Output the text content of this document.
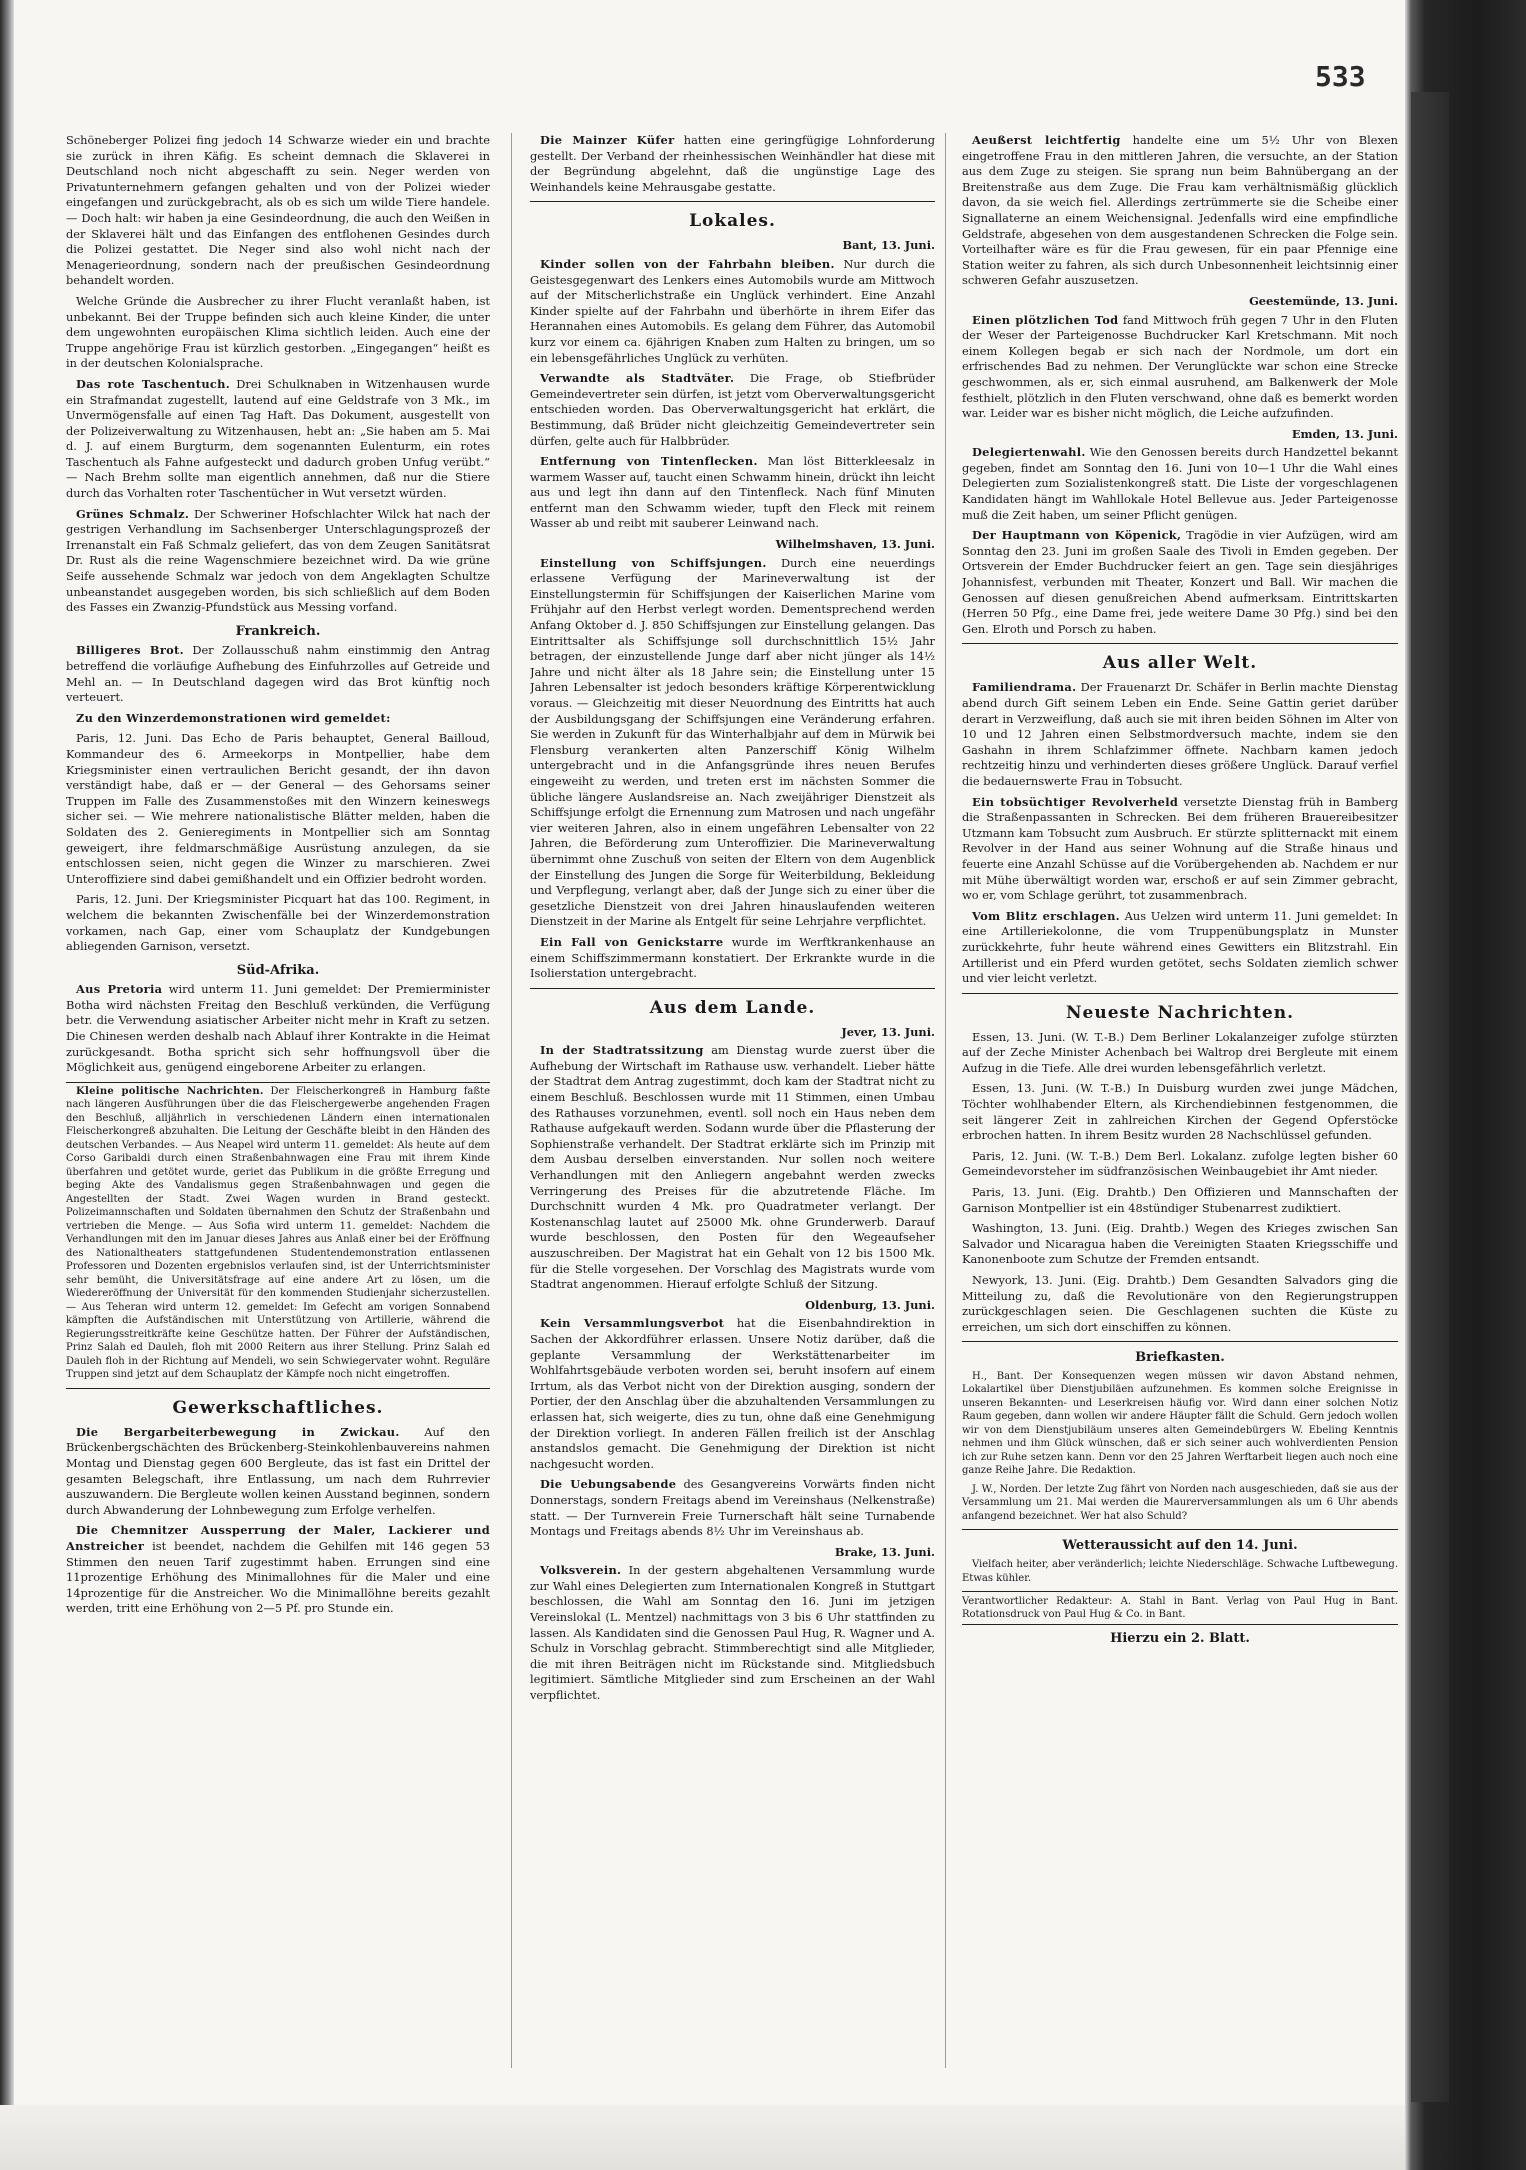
533

Schöneberger Polizei fing jedoch 14 Schwarze wieder ein und brachte sie zurück in ihren Käfig. Es scheint demnach die Sklaverei in Deutschland noch nicht abgeschafft zu sein. Neger werden von Privatunternehmern gefangen gehalten und von der Polizei wieder eingefangen und zurückgebracht, als ob es sich um wilde Tiere handele. — Doch halt: wir haben ja eine Gesindeordnung, die auch den Weißen in der Sklaverei hält und das Einfangen des entflohenen Gesindes durch die Polizei gestattet. Die Neger sind also wohl nicht nach der Menagerieordnung, sondern nach der preußischen Gesindeordnung behandelt worden.

Welche Gründe die Ausbrecher zu ihrer Flucht veranlaßt haben, ist unbekannt. Bei der Truppe befinden sich auch kleine Kinder, die unter dem ungewohnten europäischen Klima sichtlich leiden. Auch eine der Truppe angehörige Frau ist kürzlich gestorben. „Eingegangen“ heißt es in der deutschen Kolonialsprache.

Das rote Taschentuch. Drei Schulknaben in Witzenhausen wurde ein Strafmandat zugestellt, lautend auf eine Geldstrafe von 3 Mk., im Unvermögensfalle auf einen Tag Haft. Das Dokument, ausgestellt von der Polizeiverwaltung zu Witzenhausen, hebt an: „Sie haben am 5. Mai d. J. auf einem Burgturm, dem sogenannten Eulenturm, ein rotes Taschentuch als Fahne aufgesteckt und dadurch groben Unfug verübt.“ — Nach Brehm sollte man eigentlich annehmen, daß nur die Stiere durch das Vorhalten roter Taschentücher in Wut versetzt würden.

Grünes Schmalz. Der Schweriner Hofschlachter Wilck hat nach der gestrigen Verhandlung im Sachsenberger Unterschlagungsprozeß der Irrenanstalt ein Faß Schmalz geliefert, das von dem Zeugen Sanitätsrat Dr. Rust als die reine Wagenschmiere bezeichnet wird. Da wie grüne Seife aussehende Schmalz war jedoch von dem Angeklagten Schultze unbeanstandet ausgegeben worden, bis sich schließlich auf dem Boden des Fasses ein Zwanzig-Pfundstück aus Messing vorfand.

Frankreich.

Billigeres Brot. Der Zollausschuß nahm einstimmig den Antrag betreffend die vorläufige Aufhebung des Einfuhrzolles auf Getreide und Mehl an. — In Deutschland dagegen wird das Brot künftig noch verteuert.

Zu den Winzerdemonstrationen wird gemeldet:

Paris, 12. Juni. Das Echo de Paris behauptet, General Bailloud, Kommandeur des 6. Armeekorps in Montpellier, habe dem Kriegsminister einen vertraulichen Bericht gesandt, der ihn davon verständigt habe, daß er — der General — des Gehorsams seiner Truppen im Falle des Zusammenstoßes mit den Winzern keineswegs sicher sei. — Wie mehrere nationalistische Blätter melden, haben die Soldaten des 2. Genieregiments in Montpellier sich am Sonntag geweigert, ihre feldmarschmäßige Ausrüstung anzulegen, da sie entschlossen seien, nicht gegen die Winzer zu marschieren. Zwei Unteroffiziere sind dabei gemißhandelt und ein Offizier bedroht worden.

Paris, 12. Juni. Der Kriegsminister Picquart hat das 100. Regiment, in welchem die bekannten Zwischenfälle bei der Winzerdemonstration vorkamen, nach Gap, einer vom Schauplatz der Kundgebungen abliegenden Garnison, versetzt.

Süd-Afrika.

Aus Pretoria wird unterm 11. Juni gemeldet: Der Premierminister Botha wird nächsten Freitag den Beschluß verkünden, die Verfügung betr. die Verwendung asiatischer Arbeiter nicht mehr in Kraft zu setzen. Die Chinesen werden deshalb nach Ablauf ihrer Kontrakte in die Heimat zurückgesandt. Botha spricht sich sehr hoffnungsvoll über die Möglichkeit aus, genügend eingeborene Arbeiter zu erlangen.

Kleine politische Nachrichten. Der Fleischerkongreß in Hamburg faßte nach längeren Ausführungen über die das Fleischergewerbe angehenden Fragen den Beschluß, alljährlich in verschiedenen Ländern einen internationalen Fleischerkongreß abzuhalten. Die Leitung der Geschäfte bleibt in den Händen des deutschen Verbandes. — Aus Neapel wird unterm 11. gemeldet: Als heute auf dem Corso Garibaldi durch einen Straßenbahnwagen eine Frau mit ihrem Kinde überfahren und getötet wurde, geriet das Publikum in die größte Erregung und beging Akte des Vandalismus gegen Straßenbahnwagen und gegen die Angestellten der Stadt. Zwei Wagen wurden in Brand gesteckt. Polizeimannschaften und Soldaten übernahmen den Schutz der Straßenbahn und vertrieben die Menge. — Aus Sofia wird unterm 11. gemeldet: Nachdem die Verhandlungen mit den im Januar dieses Jahres aus Anlaß einer bei der Eröffnung des Nationaltheaters stattgefundenen Studentendemonstration entlassenen Professoren und Dozenten ergebnislos verlaufen sind, ist der Unterrichtsminister sehr bemüht, die Universitätsfrage auf eine andere Art zu lösen, um die Wiedereröffnung der Universität für den kommenden Studienjahr sicherzustellen. — Aus Teheran wird unterm 12. gemeldet: Im Gefecht am vorigen Sonnabend kämpften die Aufständischen mit Unterstützung von Artillerie, während die Regierungsstreitkräfte keine Geschütze hatten. Der Führer der Aufständischen, Prinz Salah ed Dauleh, floh mit 2000 Reitern aus ihrer Stellung. Prinz Salah ed Dauleh floh in der Richtung auf Mendeli, wo sein Schwiegervater wohnt. Reguläre Truppen sind jetzt auf dem Schauplatz der Kämpfe noch nicht eingetroffen.

Gewerkschaftliches.

Die Bergarbeiterbewegung in Zwickau. Auf den Brückenbergschächten des Brückenberg-Steinkohlenbauvereins nahmen Montag und Dienstag gegen 600 Bergleute, das ist fast ein Drittel der gesamten Belegschaft, ihre Entlassung, um nach dem Ruhrrevier auszuwandern. Die Bergleute wollen keinen Ausstand beginnen, sondern durch Abwanderung der Lohnbewegung zum Erfolge verhelfen.

Die Chemnitzer Aussperrung der Maler, Lackierer und Anstreicher ist beendet, nachdem die Gehilfen mit 146 gegen 53 Stimmen den neuen Tarif zugestimmt haben. Errungen sind eine 11prozentige Erhöhung des Minimallohnes für die Maler und eine 14prozentige für die Anstreicher. Wo die Minimallöhne bereits gezahlt werden, tritt eine Erhöhung von 2—5 Pf. pro Stunde ein.

Die Mainzer Küfer hatten eine geringfügige Lohnforderung gestellt. Der Verband der rheinhessischen Weinhändler hat diese mit der Begründung abgelehnt, daß die ungünstige Lage des Weinhandels keine Mehrausgabe gestatte.

Lokales.
Bant, 13. Juni.

Kinder sollen von der Fahrbahn bleiben. Nur durch die Geistesgegenwart des Lenkers eines Automobils wurde am Mittwoch auf der Mitscherlichstraße ein Unglück verhindert. Eine Anzahl Kinder spielte auf der Fahrbahn und überhörte in ihrem Eifer das Herannahen eines Automobils. Es gelang dem Führer, das Automobil kurz vor einem ca. 6jährigen Knaben zum Halten zu bringen, um so ein lebensgefährliches Unglück zu verhüten.

Verwandte als Stadtväter. Die Frage, ob Stiefbrüder Gemeindevertreter sein dürfen, ist jetzt vom Oberverwaltungsgericht entschieden worden. Das Oberverwaltungsgericht hat erklärt, die Bestimmung, daß Brüder nicht gleichzeitig Gemeindevertreter sein dürfen, gelte auch für Halbbrüder.

Entfernung von Tintenflecken. Man löst Bitterkleesalz in warmem Wasser auf, taucht einen Schwamm hinein, drückt ihn leicht aus und legt ihn dann auf den Tintenfleck. Nach fünf Minuten entfernt man den Schwamm wieder, tupft den Fleck mit reinem Wasser ab und reibt mit sauberer Leinwand nach.

Wilhelmshaven, 13. Juni.

Einstellung von Schiffsjungen. Durch eine neuerdings erlassene Verfügung der Marineverwaltung ist der Einstellungstermin für Schiffsjungen der Kaiserlichen Marine vom Frühjahr auf den Herbst verlegt worden. Dementsprechend werden Anfang Oktober d. J. 850 Schiffsjungen zur Einstellung gelangen. Das Eintrittsalter als Schiffsjunge soll durchschnittlich 15½ Jahr betragen, der einzustellende Junge darf aber nicht jünger als 14½ Jahre und nicht älter als 18 Jahre sein; die Einstellung unter 15 Jahren Lebensalter ist jedoch besonders kräftige Körperentwicklung voraus. — Gleichzeitig mit dieser Neuordnung des Eintritts hat auch der Ausbildungsgang der Schiffsjungen eine Veränderung erfahren. Sie werden in Zukunft für das Winterhalbjahr auf dem in Mürwik bei Flensburg verankerten alten Panzerschiff König Wilhelm untergebracht und in die Anfangsgründe ihres neuen Berufes eingeweiht zu werden, und treten erst im nächsten Sommer die übliche längere Auslandsreise an. Nach zweijähriger Dienstzeit als Schiffsjunge erfolgt die Ernennung zum Matrosen und nach ungefähr vier weiteren Jahren, also in einem ungefähren Lebensalter von 22 Jahren, die Beförderung zum Unteroffizier. Die Marineverwaltung übernimmt ohne Zuschuß von seiten der Eltern von dem Augenblick der Einstellung des Jungen die Sorge für Weiterbildung, Bekleidung und Verpflegung, verlangt aber, daß der Junge sich zu einer über die gesetzliche Dienstzeit von drei Jahren hinauslaufenden weiteren Dienstzeit in der Marine als Entgelt für seine Lehrjahre verpflichtet.

Ein Fall von Genickstarre wurde im Werftkrankenhause an einem Schiffszimmermann konstatiert. Der Erkrankte wurde in die Isolierstation untergebracht.

Aus dem Lande.
Jever, 13. Juni.

In der Stadtratssitzung am Dienstag wurde zuerst über die Aufhebung der Wirtschaft im Rathause usw. verhandelt. Lieber hätte der Stadtrat dem Antrag zugestimmt, doch kam der Stadtrat nicht zu einem Beschluß. Beschlossen wurde mit 11 Stimmen, einen Umbau des Rathauses vorzunehmen, eventl. soll noch ein Haus neben dem Rathause aufgekauft werden. Sodann wurde über die Pflasterung der Sophienstraße verhandelt. Der Stadtrat erklärte sich im Prinzip mit dem Ausbau derselben einverstanden. Nur sollen noch weitere Verhandlungen mit den Anliegern angebahnt werden zwecks Verringerung des Preises für die abzutretende Fläche. Im Durchschnitt wurden 4 Mk. pro Quadratmeter verlangt. Der Kostenanschlag lautet auf 25000 Mk. ohne Grunderwerb. Darauf wurde beschlossen, den Posten für den Wegeaufseher auszuschreiben. Der Magistrat hat ein Gehalt von 12 bis 1500 Mk. für die Stelle vorgesehen. Der Vorschlag des Magistrats wurde vom Stadtrat angenommen. Hierauf erfolgte Schluß der Sitzung.

Oldenburg, 13. Juni.

Kein Versammlungsverbot hat die Eisenbahndirektion in Sachen der Akkordführer erlassen. Unsere Notiz darüber, daß die geplante Versammlung der Werkstättenarbeiter im Wohlfahrtsgebäude verboten worden sei, beruht insofern auf einem Irrtum, als das Verbot nicht von der Direktion ausging, sondern der Portier, der den Anschlag über die abzuhaltenden Versammlungen zu erlassen hat, sich weigerte, dies zu tun, ohne daß eine Genehmigung der Direktion vorliegt. In anderen Fällen freilich ist der Anschlag anstandslos gemacht. Die Genehmigung der Direktion ist nicht nachgesucht worden.

Die Uebungsabende des Gesangvereins Vorwärts finden nicht Donnerstags, sondern Freitags abend im Vereinshaus (Nelkenstraße) statt. — Der Turnverein Freie Turnerschaft hält seine Turnabende Montags und Freitags abends 8½ Uhr im Vereinshaus ab.

Brake, 13. Juni.

Volksverein. In der gestern abgehaltenen Versammlung wurde zur Wahl eines Delegierten zum Internationalen Kongreß in Stuttgart beschlossen, die Wahl am Sonntag den 16. Juni im jetzigen Vereinslokal (L. Mentzel) nachmittags von 3 bis 6 Uhr stattfinden zu lassen. Als Kandidaten sind die Genossen Paul Hug, R. Wagner und A. Schulz in Vorschlag gebracht. Stimmberechtigt sind alle Mitglieder, die mit ihren Beiträgen nicht im Rückstande sind. Mitgliedsbuch legitimiert. Sämtliche Mitglieder sind zum Erscheinen an der Wahl verpflichtet.

Aeußerst leichtfertig handelte eine um 5½ Uhr von Blexen eingetroffene Frau in den mittleren Jahren, die versuchte, an der Station aus dem Zuge zu steigen. Sie sprang nun beim Bahnübergang an der Breitenstraße aus dem Zuge. Die Frau kam verhältnismäßig glücklich davon, da sie weich fiel. Allerdings zertrümmerte sie die Scheibe einer Signallaterne an einem Weichensignal. Jedenfalls wird eine empfindliche Geldstrafe, abgesehen von dem ausgestandenen Schrecken die Folge sein. Vorteilhafter wäre es für die Frau gewesen, für ein paar Pfennige eine Station weiter zu fahren, als sich durch Unbesonnenheit leichtsinnig einer schweren Gefahr auszusetzen.

Geestemünde, 13. Juni.

Einen plötzlichen Tod fand Mittwoch früh gegen 7 Uhr in den Fluten der Weser der Parteigenosse Buchdrucker Karl Kretschmann. Mit noch einem Kollegen begab er sich nach der Nordmole, um dort ein erfrischendes Bad zu nehmen. Der Verunglückte war schon eine Strecke geschwommen, als er, sich einmal ausruhend, am Balkenwerk der Mole festhielt, plötzlich in den Fluten verschwand, ohne daß es bemerkt worden war. Leider war es bisher nicht möglich, die Leiche aufzufinden.

Emden, 13. Juni.

Delegiertenwahl. Wie den Genossen bereits durch Handzettel bekannt gegeben, findet am Sonntag den 16. Juni von 10—1 Uhr die Wahl eines Delegierten zum Sozialistenkongreß statt. Die Liste der vorgeschlagenen Kandidaten hängt im Wahllokale Hotel Bellevue aus. Jeder Parteigenosse muß die Zeit haben, um seiner Pflicht genügen.

Der Hauptmann von Köpenick, Tragödie in vier Aufzügen, wird am Sonntag den 23. Juni im großen Saale des Tivoli in Emden gegeben. Der Ortsverein der Emder Buchdrucker feiert an gen. Tage sein diesjähriges Johannisfest, verbunden mit Theater, Konzert und Ball. Wir machen die Genossen auf diesen genußreichen Abend aufmerksam. Eintrittskarten (Herren 50 Pfg., eine Dame frei, jede weitere Dame 30 Pfg.) sind bei den Gen. Elroth und Porsch zu haben.

Aus aller Welt.

Familiendrama. Der Frauenarzt Dr. Schäfer in Berlin machte Dienstag abend durch Gift seinem Leben ein Ende. Seine Gattin geriet darüber derart in Verzweiflung, daß auch sie mit ihren beiden Söhnen im Alter von 10 und 12 Jahren einen Selbstmordversuch machte, indem sie den Gashahn in ihrem Schlafzimmer öffnete. Nachbarn kamen jedoch rechtzeitig hinzu und verhinderten dieses größere Unglück. Darauf verfiel die bedauernswerte Frau in Tobsucht.

Ein tobsüchtiger Revolverheld versetzte Dienstag früh in Bamberg die Straßenpassanten in Schrecken. Bei dem früheren Brauereibesitzer Utzmann kam Tobsucht zum Ausbruch. Er stürzte splitternackt mit einem Revolver in der Hand aus seiner Wohnung auf die Straße hinaus und feuerte eine Anzahl Schüsse auf die Vorübergehenden ab. Nachdem er nur mit Mühe überwältigt worden war, erschoß er auf sein Zimmer gebracht, wo er, vom Schlage gerührt, tot zusammenbrach.

Vom Blitz erschlagen. Aus Uelzen wird unterm 11. Juni gemeldet: In eine Artilleriekolonne, die vom Truppenübungsplatz in Munster zurückkehrte, fuhr heute während eines Gewitters ein Blitzstrahl. Ein Artillerist und ein Pferd wurden getötet, sechs Soldaten ziemlich schwer und vier leicht verletzt.

Neueste Nachrichten.

Essen, 13. Juni. (W. T.-B.) Dem Berliner Lokalanzeiger zufolge stürzten auf der Zeche Minister Achenbach bei Waltrop drei Bergleute mit einem Aufzug in die Tiefe. Alle drei wurden lebensgefährlich verletzt.

Essen, 13. Juni. (W. T.-B.) In Duisburg wurden zwei junge Mädchen, Töchter wohlhabender Eltern, als Kirchendiebinnen festgenommen, die seit längerer Zeit in zahlreichen Kirchen der Gegend Opferstöcke erbrochen hatten. In ihrem Besitz wurden 28 Nachschlüssel gefunden.

Paris, 12. Juni. (W. T.-B.) Dem Berl. Lokalanz. zufolge legten bisher 60 Gemeindevorsteher im südfranzösischen Weinbaugebiet ihr Amt nieder.

Paris, 13. Juni. (Eig. Drahtb.) Den Offizieren und Mannschaften der Garnison Montpellier ist ein 48stündiger Stubenarrest zudiktiert.

Washington, 13. Juni. (Eig. Drahtb.) Wegen des Krieges zwischen San Salvador und Nicaragua haben die Vereinigten Staaten Kriegsschiffe und Kanonenboote zum Schutze der Fremden entsandt.

Newyork, 13. Juni. (Eig. Drahtb.) Dem Gesandten Salvadors ging die Mitteilung zu, daß die Revolutionäre von den Regierungstruppen zurückgeschlagen seien. Die Geschlagenen suchten die Küste zu erreichen, um sich dort einschiffen zu können.

Briefkasten.

H., Bant. Der Konsequenzen wegen müssen wir davon Abstand nehmen, Lokalartikel über Dienstjubiläen aufzunehmen. Es kommen solche Ereignisse in unseren Bekannten- und Leserkreisen häufig vor. Wird dann einer solchen Notiz Raum gegeben, dann wollen wir andere Häupter fällt die Schuld. Gern jedoch wollen wir von dem Dienstjubiläum unseres alten Gemeindebürgers W. Ebeling Kenntnis nehmen und ihm Glück wünschen, daß er sich seiner auch wohlverdienten Pension ich zur Ruhe setzen kann. Denn vor den 25 Jahren Werftarbeit liegen auch noch eine ganze Reihe Jahre. Die Redaktion.

J. W., Norden. Der letzte Zug fährt von Norden nach ausgeschieden, daß sie aus der Versammlung um 21. Mai werden die Maurerversammlungen als um 6 Uhr abends anfangend bezeichnet. Wer hat also Schuld?

Wetteraussicht auf den 14. Juni.

Vielfach heiter, aber veränderlich; leichte Niederschläge. Schwache Luftbewegung. Etwas kühler.

Verantwortlicher Redakteur: A. Stahl in Bant. Verlag von Paul Hug in Bant. Rotationsdruck von Paul Hug & Co. in Bant.
Hierzu ein 2. Blatt.
